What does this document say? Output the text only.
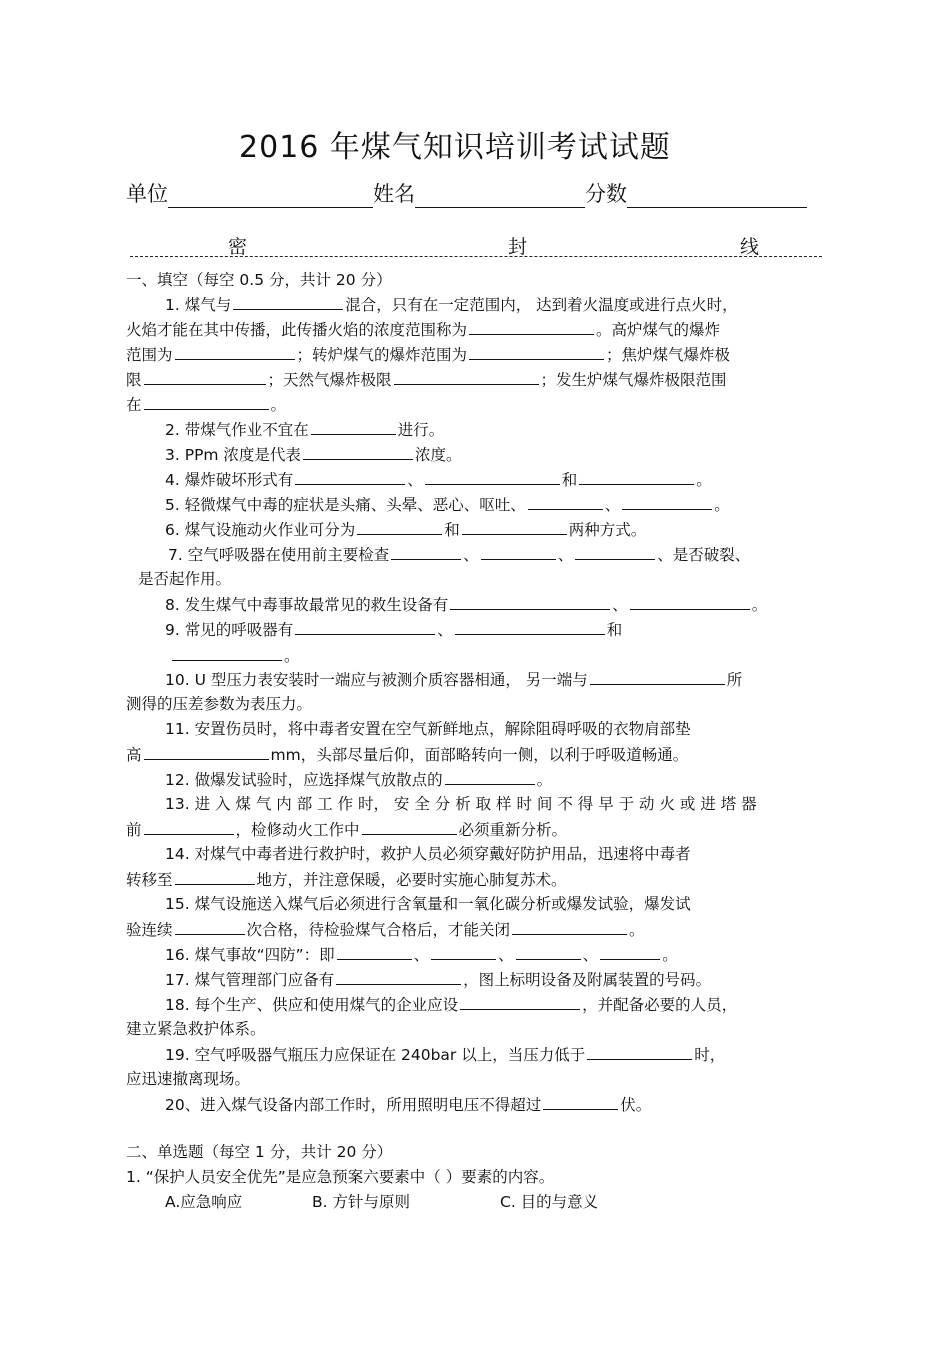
2016 年煤气知识培训考试试题
单位	姓名	分数
密	封	线
一、填空（每空 0.5 分，共计 20 分）
1. 煤气与	混合，只有在一定范围内， 达到着火温度或进行点火时，
火焰才能在其中传播，此传播火焰的浓度范围称为	。高炉煤气的爆炸
范围为	；转炉煤气的爆炸范围为	；焦炉煤气爆炸极
限	；天然气爆炸极限	；发生炉煤气爆炸极限范围
在	。
2. 带煤气作业不宜在	进行。
3. PPm 浓度是代表	浓度。
4. 爆炸破坏形式有	、	和	。
5. 轻微煤气中毒的症状是头痛、头晕、恶心、呕吐、	、	。
6. 煤气设施动火作业可分为	和	两种方式。
7. 空气呼吸器在使用前主要检查	、	、	、是否破裂、
是否起作用。
8. 发生煤气中毒事故最常见的救生设备有	、	。
9. 常见的呼吸器有	、	和
。
10. U 型压力表安装时一端应与被测介质容器相通， 另一端与	所
测得的压差参数为表压力。
11. 安置伤员时，将中毒者安置在空气新鲜地点，解除阻碍呼吸的衣物肩部垫
高	mm，头部尽量后仰，面部略转向一侧，以利于呼吸道畅通。
12. 做爆发试验时，应选择煤气放散点的	。
13. 进 入 煤 气 内 部 工 作 时， 安 全 分 析 取 样 时 间 不 得 早 于 动 火 或 进 塔 器
前	，检修动火工作中	必须重新分析。
14. 对煤气中毒者进行救护时，救护人员必须穿戴好防护用品，迅速将中毒者
转移至	地方，并注意保暖，必要时实施心肺复苏术。
15. 煤气设施送入煤气后必须进行含氧量和一氧化碳分析或爆发试验，爆发试
验连续	次合格，待检验煤气合格后，才能关闭	。
16. 煤气事故“四防”：即	、	、	、	。
17. 煤气管理部门应备有	，图上标明设备及附属装置的号码。
18. 每个生产、供应和使用煤气的企业应设	，并配备必要的人员，
建立紧急救护体系。
19. 空气呼吸器气瓶压力应保证在 240bar 以上，当压力低于	时，
应迅速撤离现场。
20、进入煤气设备内部工作时，所用照明电压不得超过	伏。
二、单选题（每空 1 分，共计 20 分）
1. “保护人员安全优先”是应急预案六要素中（ ）要素的内容。
A.应急响应	B. 方针与原则	C. 目的与意义
